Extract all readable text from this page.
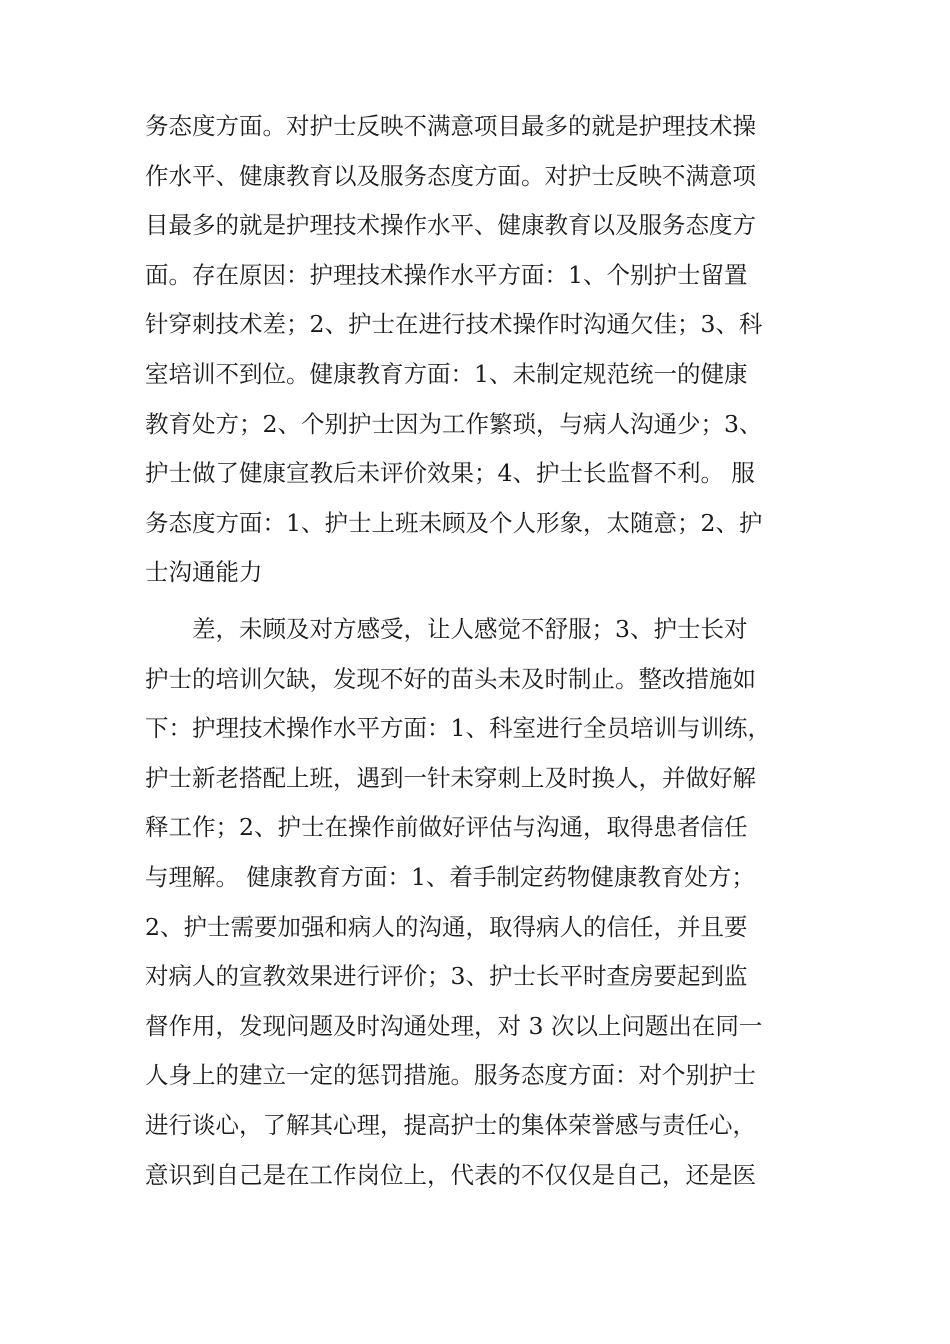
务态度方面。对护士反映不满意项目最多的就是护理技术操
作水平、健康教育以及服务态度方面。对护士反映不满意项
目最多的就是护理技术操作水平、健康教育以及服务态度方
面。存在原因：护理技术操作水平方面：1、个别护士留置
针穿刺技术差；2、护士在进行技术操作时沟通欠佳；3、科
室培训不到位。健康教育方面：1、未制定规范统一的健康
教育处方；2、个别护士因为工作繁琐，与病人沟通少；3、
护士做了健康宣教后未评价效果；4、护士长监督不利。 服
务态度方面：1、护士上班未顾及个人形象，太随意；2、护
士沟通能力
差，未顾及对方感受，让人感觉不舒服；3、护士长对
护士的培训欠缺，发现不好的苗头未及时制止。整改措施如
下：护理技术操作水平方面：1、科室进行全员培训与训练，
护士新老搭配上班，遇到一针未穿刺上及时换人，并做好解
释工作；2、护士在操作前做好评估与沟通，取得患者信任
与理解。 健康教育方面：1、着手制定药物健康教育处方；
2、护士需要加强和病人的沟通，取得病人的信任，并且要
对病人的宣教效果进行评价；3、护士长平时查房要起到监
督作用，发现问题及时沟通处理，对 3 次以上问题出在同一
人身上的建立一定的惩罚措施。服务态度方面：对个别护士
进行谈心，了解其心理，提高护士的集体荣誉感与责任心，
意识到自己是在工作岗位上，代表的不仅仅是自己，还是医
